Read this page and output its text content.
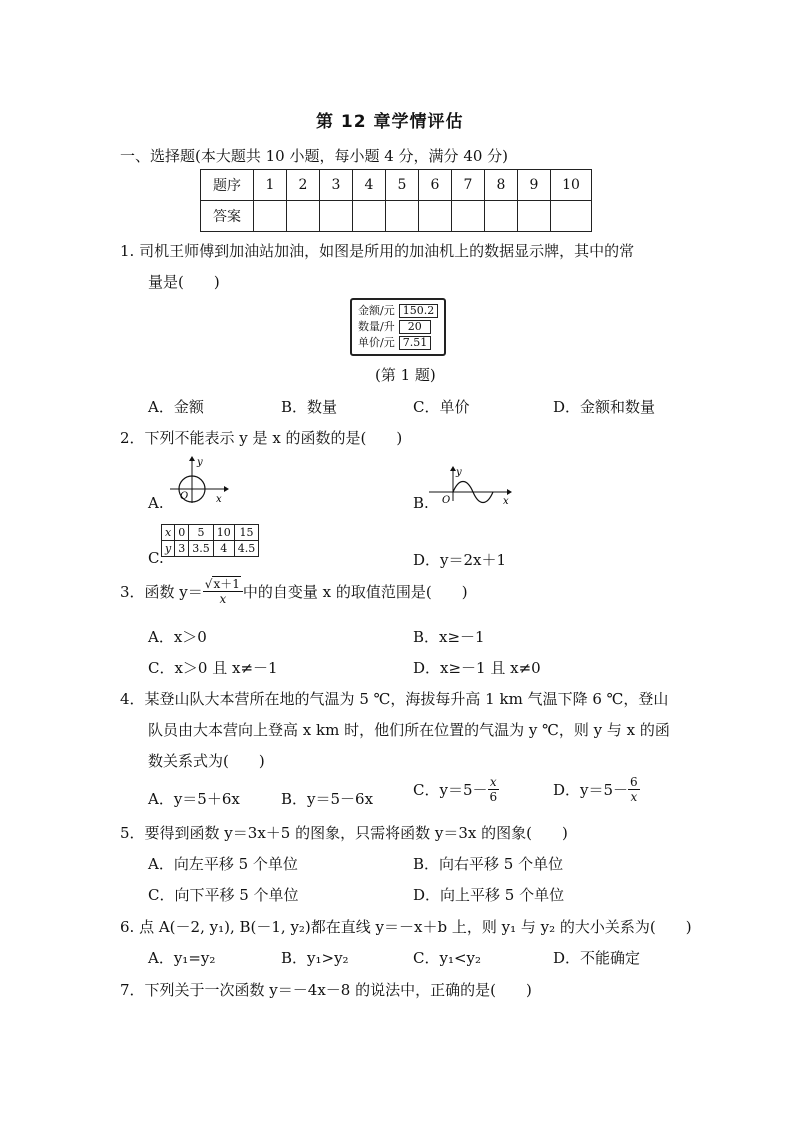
第 12 章学情评估
一、选择题(本大题共 10 小题，每小题 4 分，满分 40 分)
题序	1	2	3	4	5	6	7	8	9	10
答案										
1. 司机王师傅到加油站加油，如图是所用的加油机上的数据显示牌，其中的常
量是(　　)
金额/元 150.2
数量/升	20
单价/元 7.51
(第 1 题)
A．金额	B．数量	C．单价	D．金额和数量
2．下列不能表示 y 是 x 的函数的是(　　)
A.
y
x
O	B.
y
x
O
C.
x	0	5	10	15
y	3	3.5	4	4.5
D．y＝2x＋1
3．函数 $y= \frac{√x+1}{x}$ 中的自变量 x 的取值范围是(　　)
A．x＞0	B．x≥－1
C．x＞0 且 x≠－1	D．x≥－1 且 x≠0
4．某登山队大本营所在地的气温为 5 ℃，海拔每升高 1 km 气温下降 6 ℃，登山
队员由大本营向上登高 x km 时，他们所在位置的气温为 y ℃，则 y 与 x 的函
数关系式为(　　)
A．y＝5＋6x	B．y＝5－6x	C．$y=5- \frac{x}{6}$	D．$y=5- \frac{6}{x}$
5．要得到函数 y＝3x＋5 的图象，只需将函数 y＝3x 的图象(　　)
A．向左平移 5 个单位	B．向右平移 5 个单位
C．向下平移 5 个单位	D．向上平移 5 个单位
6. 点 A(－2, y₁), B(－1, y₂)都在直线 y＝－x＋b 上，则 y₁ 与 y₂ 的大小关系为(　　)
A．y₁=y₂	B．y₁>y₂	C．y₁<y₂	D．不能确定
7．下列关于一次函数 y＝－4x－8 的说法中，正确的是(　　)
